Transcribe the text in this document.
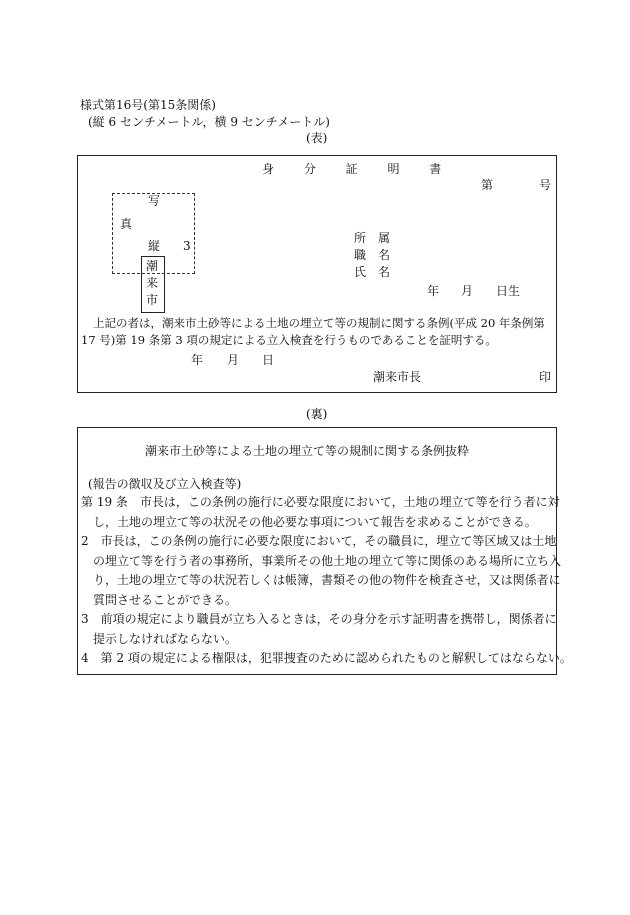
様式第16号(第15条関係)
(縦 6 センチメートル，横 9 センチメートル)
(表)
身 分 証 明 書
第	号
写
真
縦 3
潮
来
市
所　属
職　名
氏　名
年 月 日生
上記の者は，潮来市土砂等による土地の埋立て等の規制に関する条例(平成 20 年条例第
17 号)第 19 条第 3 項の規定による立入検査を行うものであることを証明する。
年 月 日
潮来市長	印
(裏)
潮来市土砂等による土地の埋立て等の規制に関する条例抜粋
(報告の徴収及び立入検査等)
第 19 条　市長は，この条例の施行に必要な限度において，土地の埋立て等を行う者に対
し，土地の埋立て等の状況その他必要な事項について報告を求めることができる。
2　市長は，この条例の施行に必要な限度において，その職員に，埋立て等区域又は土地
の埋立て等を行う者の事務所，事業所その他土地の埋立て等に関係のある場所に立ち入
り，土地の埋立て等の状況若しくは帳簿，書類その他の物件を検査させ，又は関係者に
質問させることができる。
3　前項の規定により職員が立ち入るときは，その身分を示す証明書を携帯し，関係者に
提示しなければならない。
4　第 2 項の規定による権限は，犯罪捜査のために認められたものと解釈してはならない。
